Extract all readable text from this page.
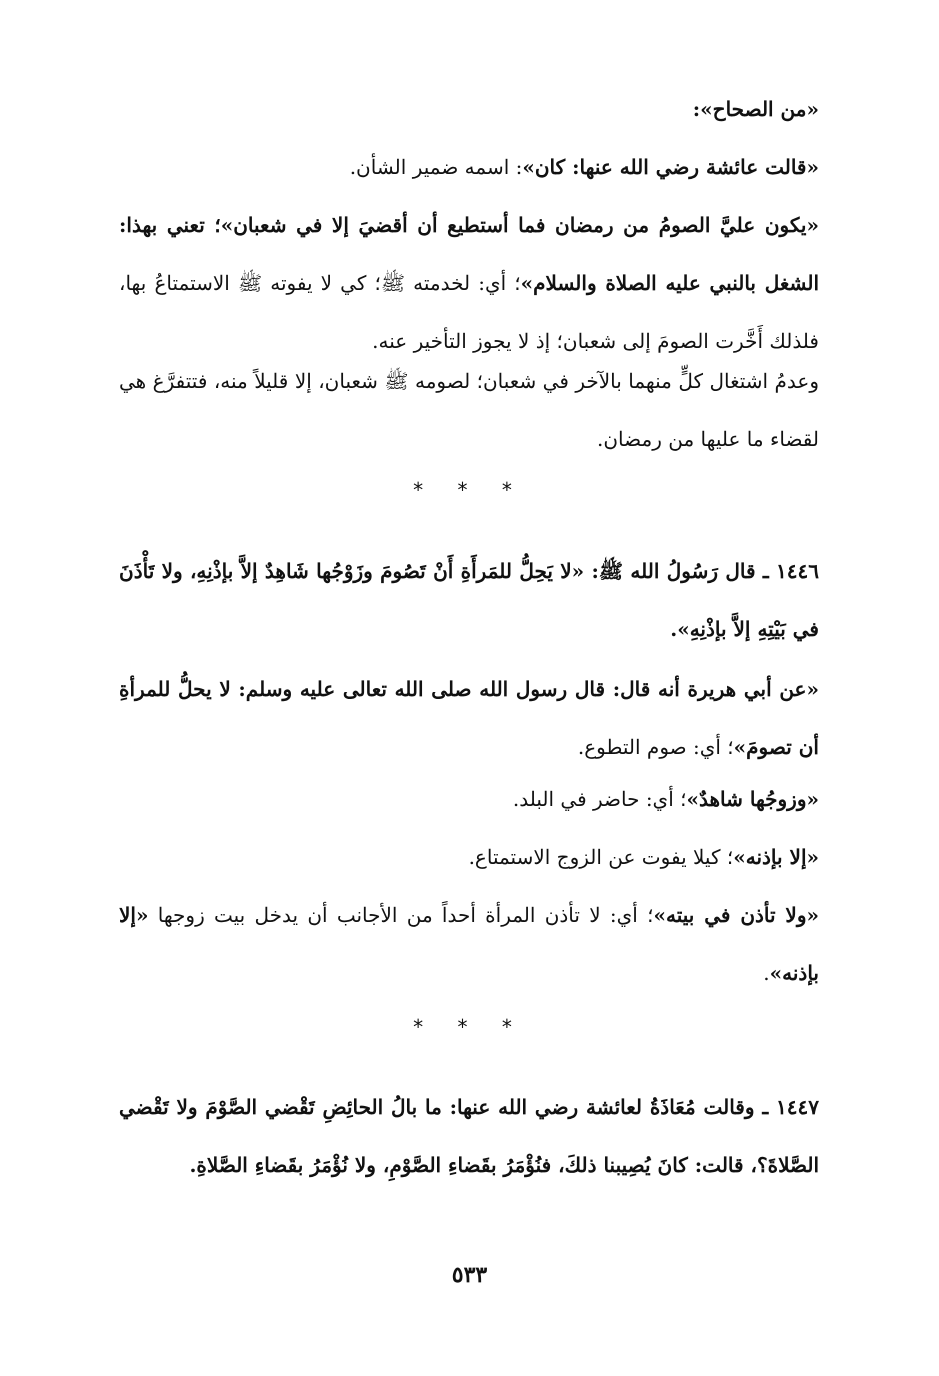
«من الصحاح»:

«قالت عائشة رضي الله عنها: كان»: اسمه ضمير الشأن.

«يكون عليَّ الصومُ من رمضان فما أستطيع أن أقضيَ إلا في شعبان»؛ تعني بهذا: الشغل بالنبي عليه الصلاة والسلام»؛ أي: لخدمته ﷺ؛ كي لا يفوته ﷺ الاستمتاعُ بها، فلذلك أَخَّرت الصومَ إلى شعبان؛ إذ لا يجوز التأخير عنه.

وعدمُ اشتغال كلٍّ منهما بالآخر في شعبان؛ لصومه ﷺ شعبان، إلا قليلاً منه، فتتفرَّغ هي لقضاء ما عليها من رمضان.

* * *

١٤٤٦ ـ قال رَسُولُ الله ﷺ: «لا يَحِلُّ للمَرأَةِ أَنْ تَصُومَ وزَوْجُها شَاهِدٌ إلاَّ بإذْنِهِ، ولا تَأْذَنَ في بَيْتِهِ إلاَّ بإذْنِهِ».

«عن أبي هريرة أنه قال: قال رسول الله صلى الله تعالى عليه وسلم: لا يحلُّ للمرأةِ أن تصومَ»؛ أي: صوم التطوع.

«وزوجُها شاهدٌ»؛ أي: حاضر في البلد.

«إلا بإذنه»؛ كيلا يفوت عن الزوج الاستمتاع.

«ولا تأذن في بيته»؛ أي: لا تأذن المرأة أحداً من الأجانب أن يدخل بيت زوجها «إلا بإذنه».

* * *

١٤٤٧ ـ وقالت مُعَاذَةُ لعائشة رضي الله عنها: ما بالُ الحائِضِ تَقْضي الصَّوْمَ ولا تَقْضي الصَّلاةَ؟، قالت: كانَ يُصِيبنا ذلكَ، فنُؤْمَرُ بقَضاءِ الصَّوْمِ، ولا نُؤْمَرُ بقَضاءِ الصَّلاةِ.

٥٣٣
